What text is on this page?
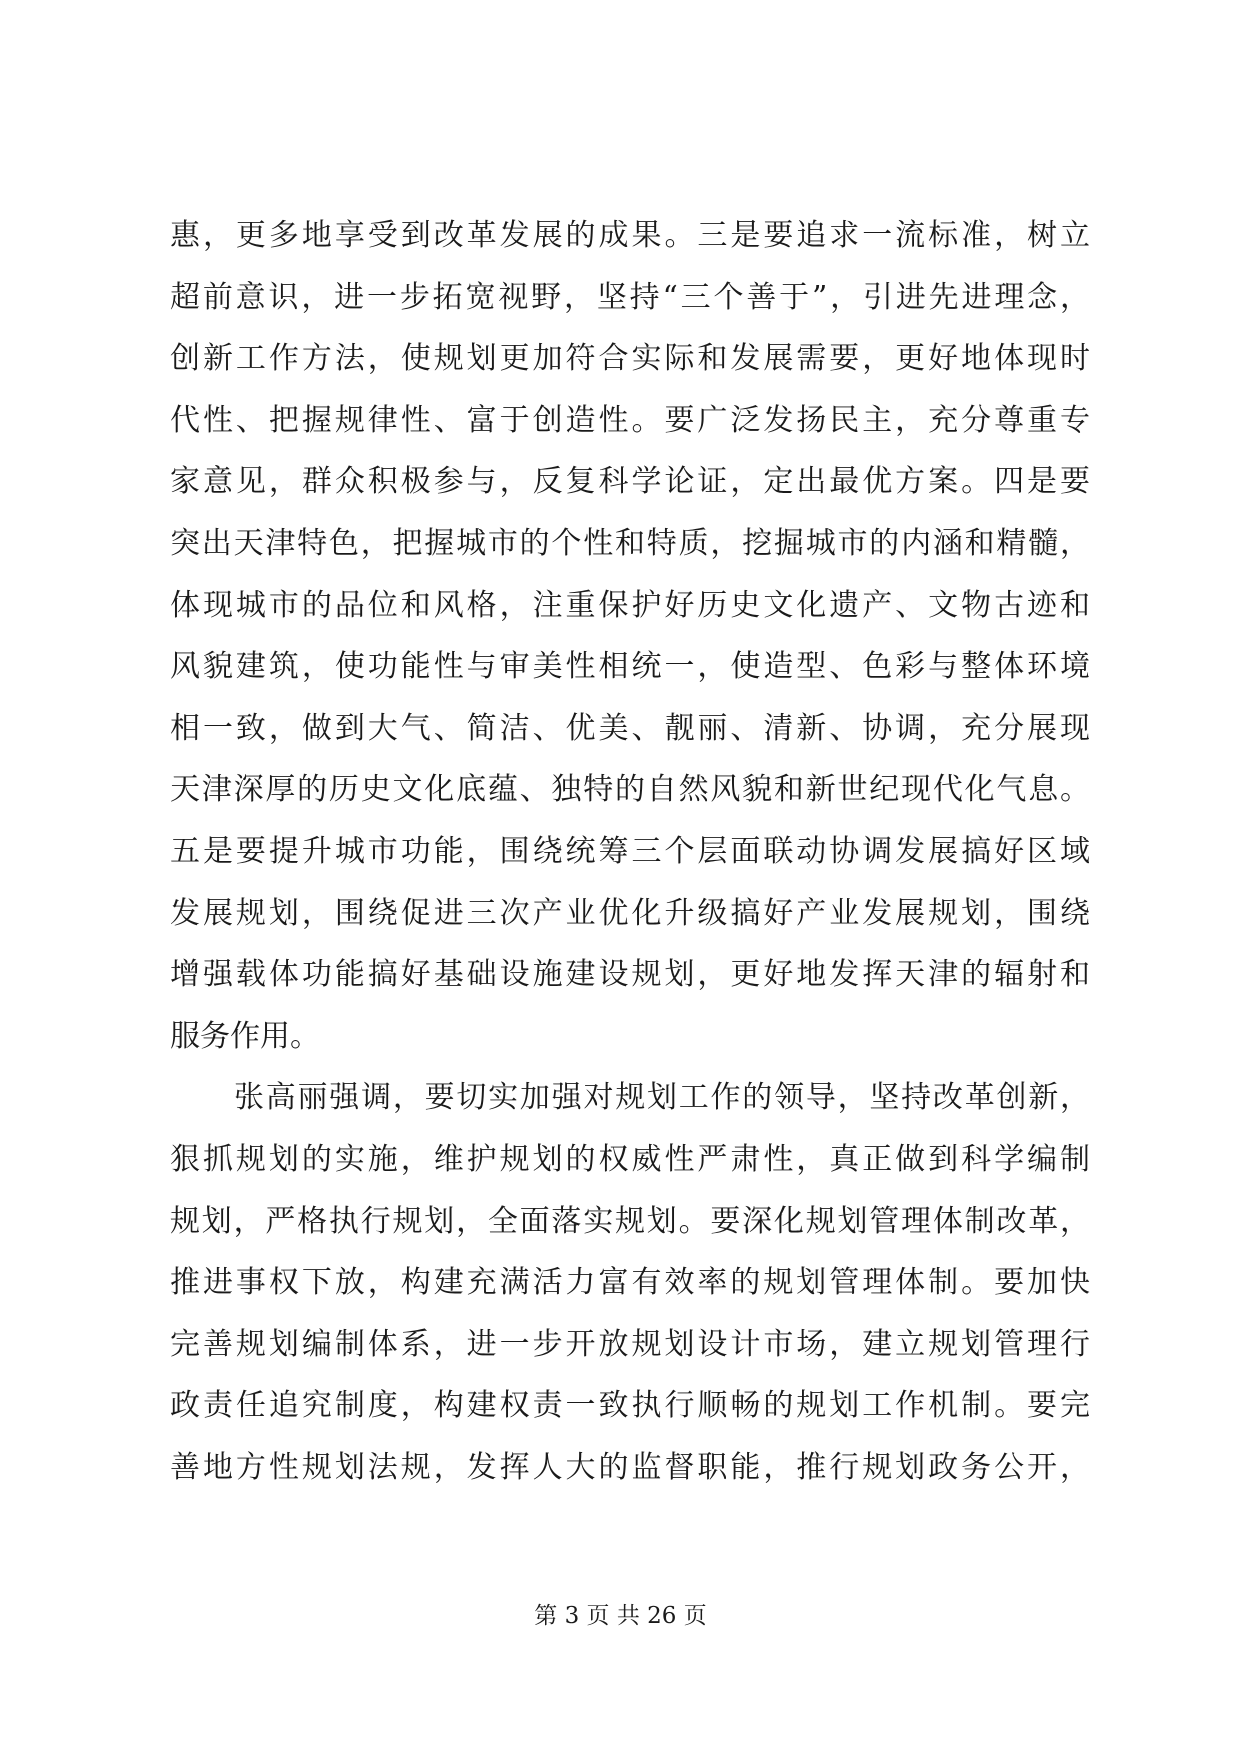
惠，更多地享受到改革发展的成果。三是要追求一流标准，树立
超前意识，进一步拓宽视野，坚持“三个善于”，引进先进理念，
创新工作方法，使规划更加符合实际和发展需要，更好地体现时
代性、把握规律性、富于创造性。要广泛发扬民主，充分尊重专
家意见，群众积极参与，反复科学论证，定出最优方案。四是要
突出天津特色，把握城市的个性和特质，挖掘城市的内涵和精髓，
体现城市的品位和风格，注重保护好历史文化遗产、文物古迹和
风貌建筑，使功能性与审美性相统一，使造型、色彩与整体环境
相一致，做到大气、简洁、优美、靓丽、清新、协调，充分展现
天津深厚的历史文化底蕴、独特的自然风貌和新世纪现代化气息。
五是要提升城市功能，围绕统筹三个层面联动协调发展搞好区域
发展规划，围绕促进三次产业优化升级搞好产业发展规划，围绕
增强载体功能搞好基础设施建设规划，更好地发挥天津的辐射和
服务作用。
张高丽强调，要切实加强对规划工作的领导，坚持改革创新，
狠抓规划的实施，维护规划的权威性严肃性，真正做到科学编制
规划，严格执行规划，全面落实规划。要深化规划管理体制改革，
推进事权下放，构建充满活力富有效率的规划管理体制。要加快
完善规划编制体系，进一步开放规划设计市场，建立规划管理行
政责任追究制度，构建权责一致执行顺畅的规划工作机制。要完
善地方性规划法规，发挥人大的监督职能，推行规划政务公开，
第 3 页 共 26 页
